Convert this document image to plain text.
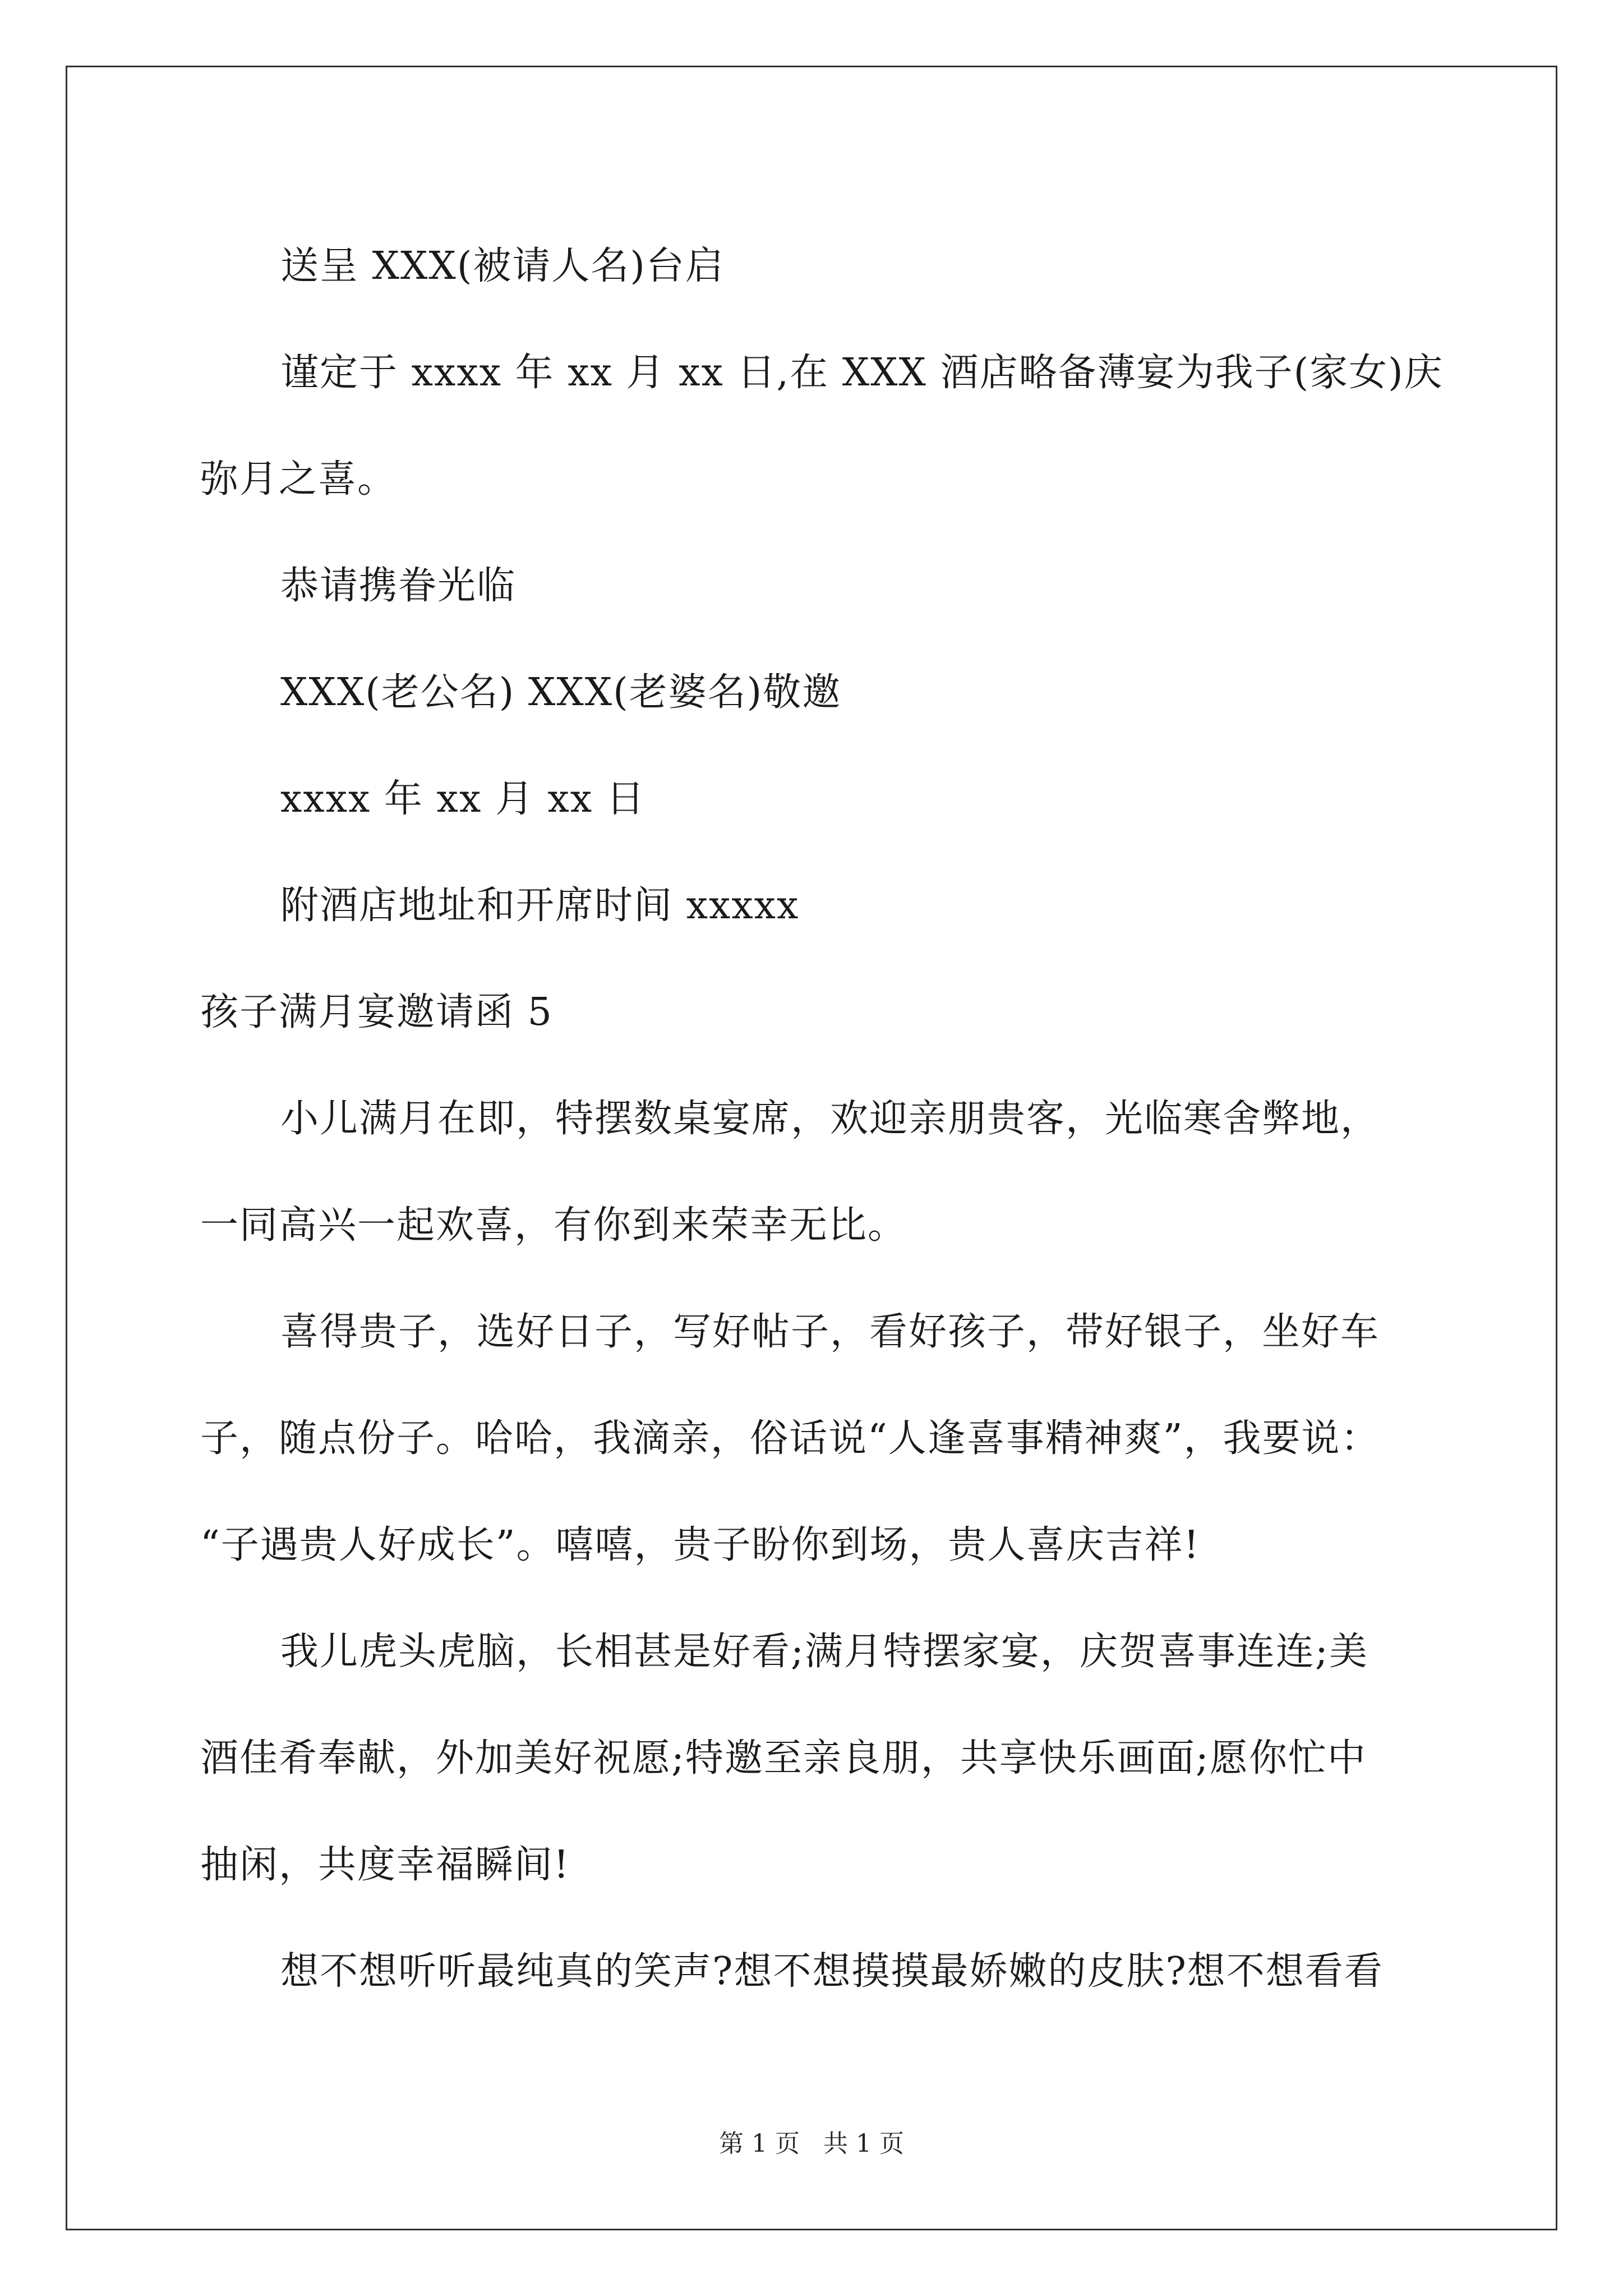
送呈 XXX(被请人名)台启

谨定于 xxxx 年 xx 月 xx 日,在 XXX 酒店略备薄宴为我子(家女)庆

弥月之喜。

恭请携眷光临

XXX(老公名) XXX(老婆名)敬邀

xxxx 年 xx 月 xx 日

附酒店地址和开席时间 xxxxx

孩子满月宴邀请函 5

小儿满月在即，特摆数桌宴席，欢迎亲朋贵客，光临寒舍弊地，

一同高兴一起欢喜，有你到来荣幸无比。

喜得贵子，选好日子，写好帖子，看好孩子，带好银子，坐好车

子，随点份子。哈哈，我滴亲，俗话说“人逢喜事精神爽”，我要说：

“子遇贵人好成长”。嘻嘻，贵子盼你到场，贵人喜庆吉祥!

我儿虎头虎脑，长相甚是好看;满月特摆家宴，庆贺喜事连连;美

酒佳肴奉献，外加美好祝愿;特邀至亲良朋，共享快乐画面;愿你忙中

抽闲，共度幸福瞬间!

想不想听听最纯真的笑声?想不想摸摸最娇嫩的皮肤?想不想看看

第 1 页   共 1 页
